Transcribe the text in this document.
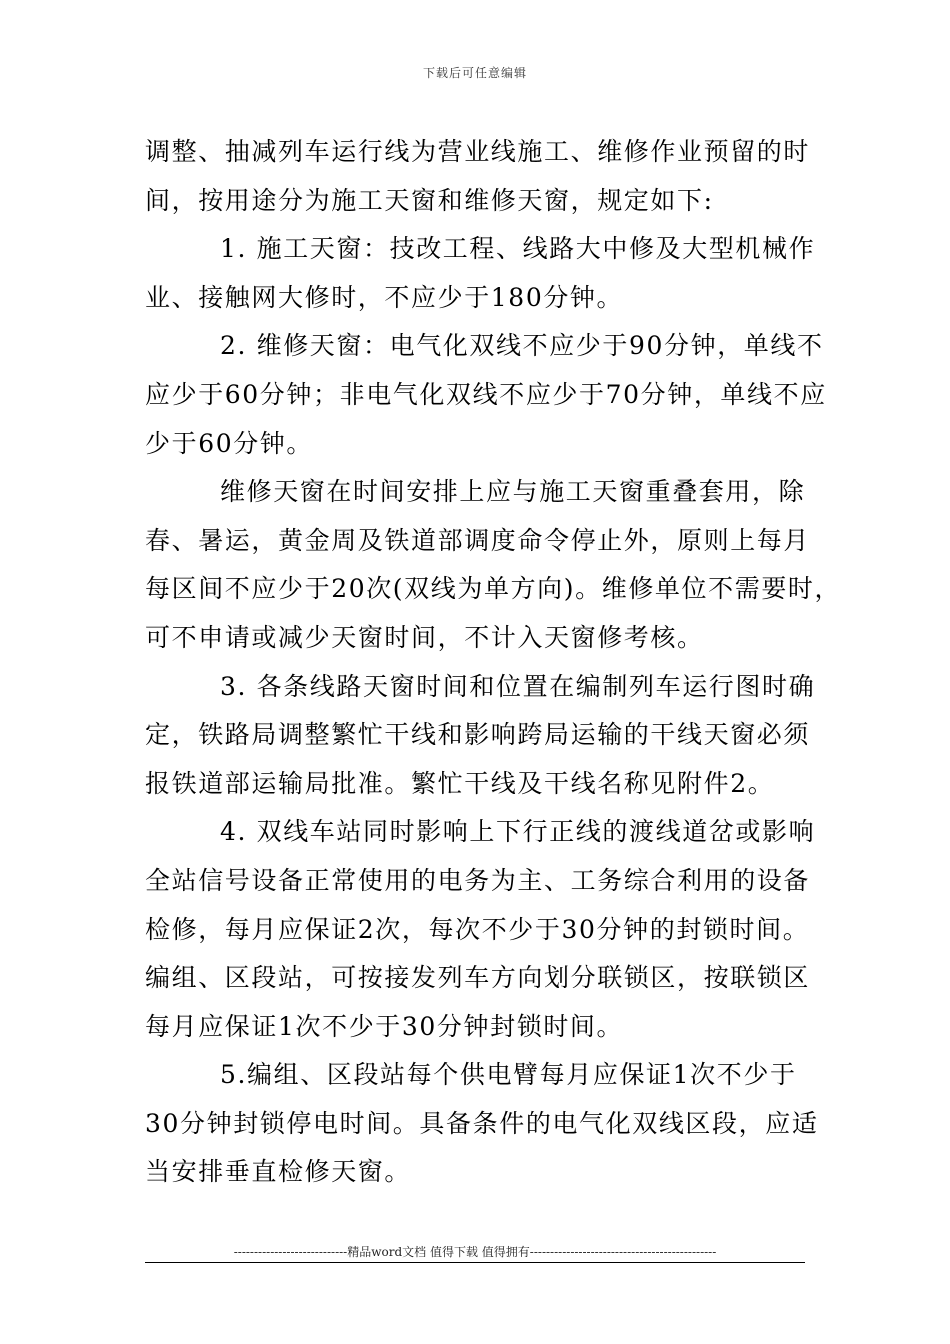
下载后可任意编辑
调整、抽减列车运行线为营业线施工、维修作业预留的时
间，按用途分为施工天窗和维修天窗，规定如下:
1. 施工天窗：技改工程、线路大中修及大型机械作
业、接触网大修时，不应少于180分钟。
2. 维修天窗：电气化双线不应少于90分钟，单线不
应少于60分钟；非电气化双线不应少于70分钟，单线不应
少于60分钟。
维修天窗在时间安排上应与施工天窗重叠套用，除
春、暑运，黄金周及铁道部调度命令停止外，原则上每月
每区间不应少于20次(双线为单方向)。维修单位不需要时，
可不申请或减少天窗时间，不计入天窗修考核。
3. 各条线路天窗时间和位置在编制列车运行图时确
定，铁路局调整繁忙干线和影响跨局运输的干线天窗必须
报铁道部运输局批准。繁忙干线及干线名称见附件2。
4. 双线车站同时影响上下行正线的渡线道岔或影响
全站信号设备正常使用的电务为主、工务综合利用的设备
检修，每月应保证2次，每次不少于30分钟的封锁时间。
编组、区段站，可按接发列车方向划分联锁区，按联锁区
每月应保证1次不少于30分钟封锁时间。
5.编组、区段站每个供电臂每月应保证1次不少于
30分钟封锁停电时间。具备条件的电气化双线区段，应适
当安排垂直检修天窗。
----------------------------精品word文档 值得下载 值得拥有----------------------------------------------
